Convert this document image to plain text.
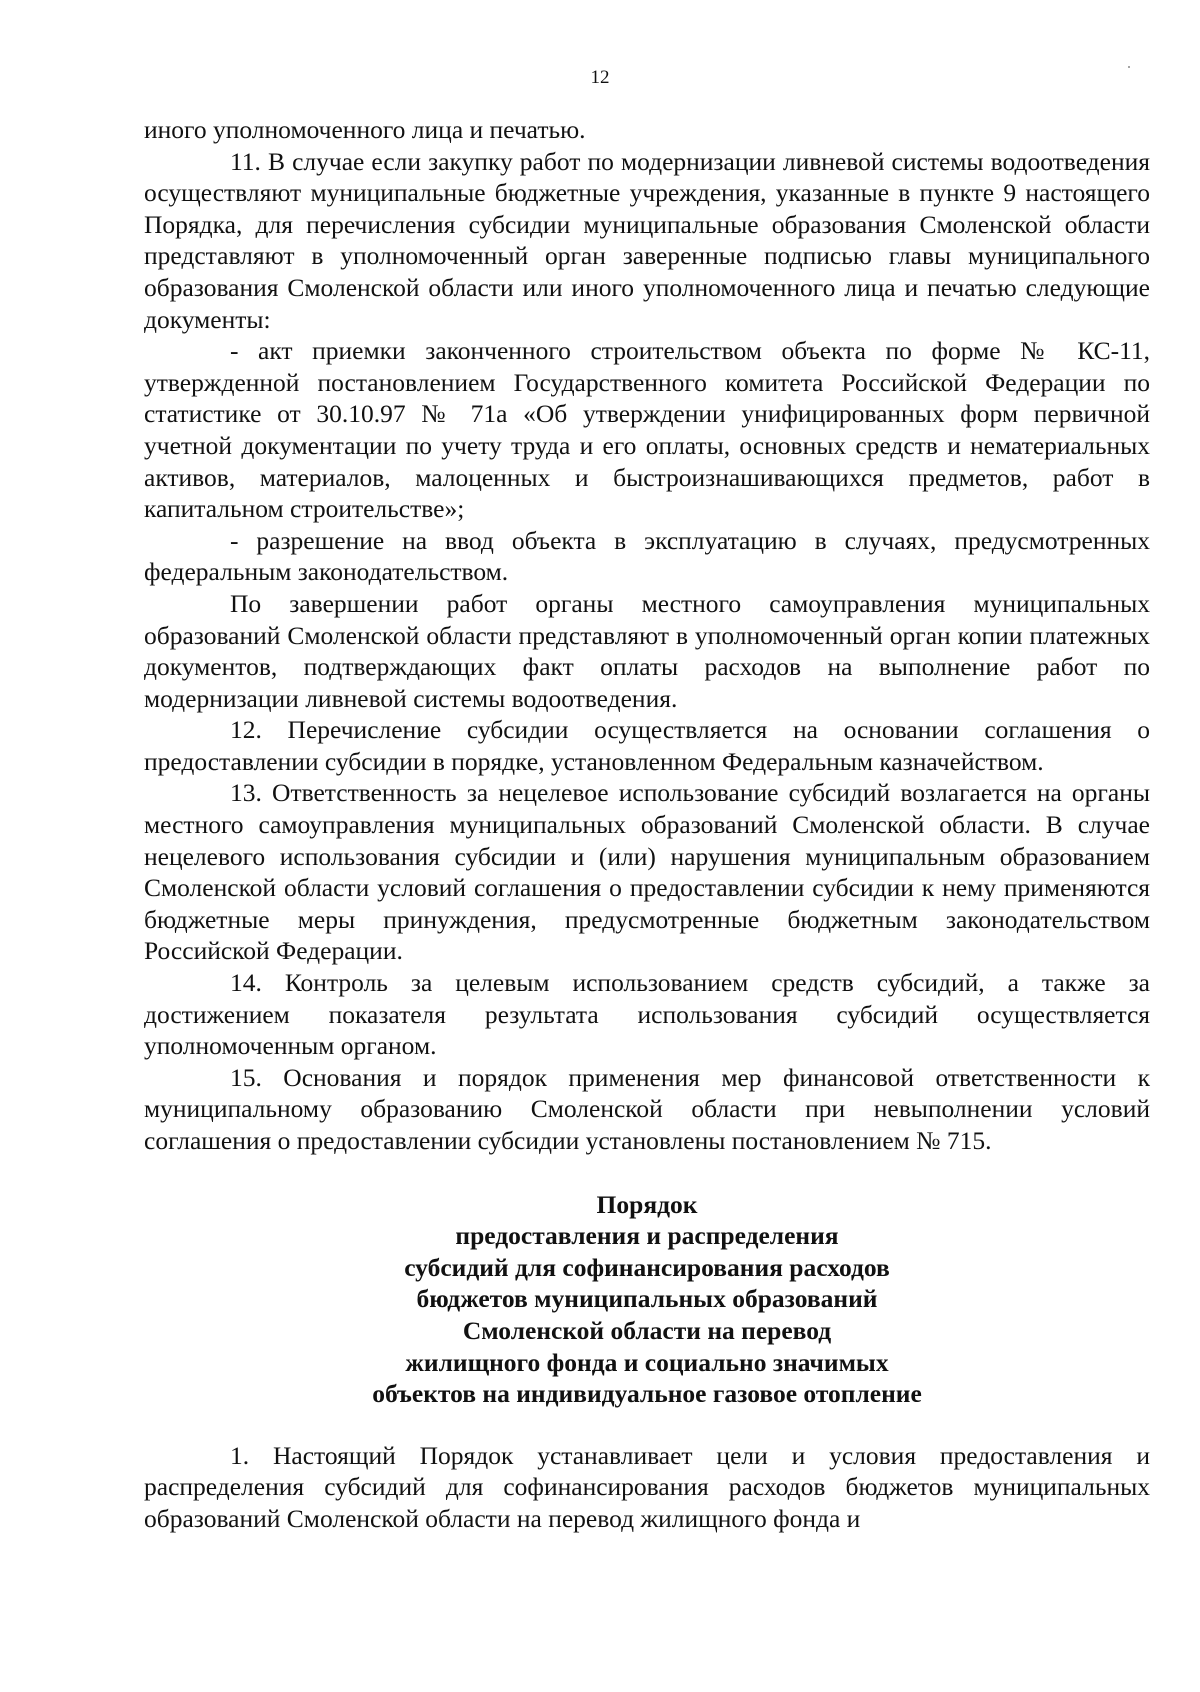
12

иного уполномоченного лица и печатью.

11. В случае если закупку работ по модернизации ливневой системы водоотведения осуществляют муниципальные бюджетные учреждения, указанные в пункте 9 настоящего Порядка, для перечисления субсидии муниципальные образования Смоленской области представляют в уполномоченный орган заверенные подписью главы муниципального образования Смоленской области или иного уполномоченного лица и печатью следующие документы:

- акт приемки законченного строительством объекта по форме № КС-11, утвержденной постановлением Государственного комитета Российской Федерации по статистике от 30.10.97 № 71а «Об утверждении унифицированных форм первичной учетной документации по учету труда и его оплаты, основных средств и нематериальных активов, материалов, малоценных и быстроизнашивающихся предметов, работ в капитальном строительстве»;

- разрешение на ввод объекта в эксплуатацию в случаях, предусмотренных федеральным законодательством.

По завершении работ органы местного самоуправления муниципальных образований Смоленской области представляют в уполномоченный орган копии платежных документов, подтверждающих факт оплаты расходов на выполнение работ по модернизации ливневой системы водоотведения.

12. Перечисление субсидии осуществляется на основании соглашения о предоставлении субсидии в порядке, установленном Федеральным казначейством.

13. Ответственность за нецелевое использование субсидий возлагается на органы местного самоуправления муниципальных образований Смоленской области. В случае нецелевого использования субсидии и (или) нарушения муниципальным образованием Смоленской области условий соглашения о предоставлении субсидии к нему применяются бюджетные меры принуждения, предусмотренные бюджетным законодательством Российской Федерации.

14. Контроль за целевым использованием средств субсидий, а также за достижением показателя результата использования субсидий осуществляется уполномоченным органом.

15. Основания и порядок применения мер финансовой ответственности к муниципальному образованию Смоленской области при невыполнении условий соглашения о предоставлении субсидии установлены постановлением № 715.

Порядок
предоставления и распределения
субсидий для софинансирования расходов
бюджетов муниципальных образований
Смоленской области на перевод
жилищного фонда и социально значимых
объектов на индивидуальное газовое отопление

1. Настоящий Порядок устанавливает цели и условия предоставления и распределения субсидий для софинансирования расходов бюджетов муниципальных образований Смоленской области на перевод жилищного фонда и
